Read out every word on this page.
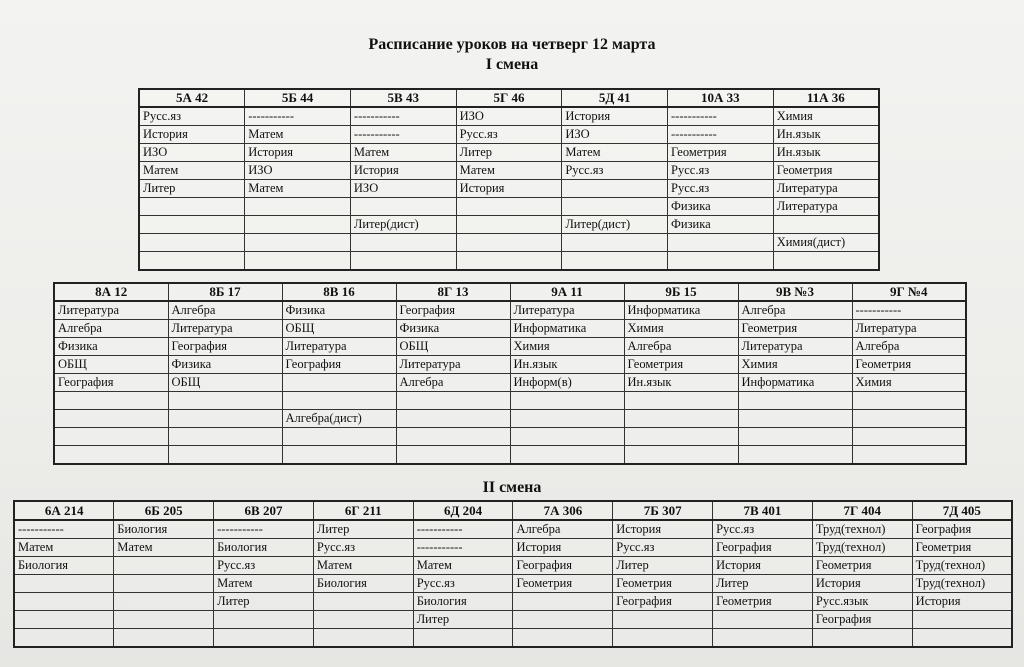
Расписание уроков на четверг 12 марта
I смена
II смена
5А 42	5Б 44	5В 43	5Г 46	5Д 41	10А 33	11А 36
Русс.яз	-----------	-----------	ИЗО	История	-----------	Химия
История	Матем	-----------	Русс.яз	ИЗО	-----------	Ин.язык
ИЗО	История	Матем	Литер	Матем	Геометрия	Ин.язык
Матем	ИЗО	История	Матем	Русс.яз	Русс.яз	Геометрия
Литер	Матем	ИЗО	История		Русс.яз	Литература
					Физика	Литература
		Литер(дист)		Литер(дист)	Физика	
						Химия(дист)

8А 12	8Б 17	8В 16	8Г 13	9А 11	9Б 15	9В №3	9Г №4
Литература	Алгебра	Физика	География	Литература	Информатика	Алгебра	-----------
Алгебра	Литература	ОБЩ	Физика	Информатика	Химия	Геометрия	Литература
Физика	География	Литература	ОБЩ	Химия	Алгебра	Литература	Алгебра
ОБЩ	Физика	География	Литература	Ин.язык	Геометрия	Химия	Геометрия
География	ОБЩ		Алгебра	Информ(в)	Ин.язык	Информатика	Химия

		Алгебра(дист)					

6А 214	6Б 205	6В 207	6Г 211	6Д 204	7А 306	7Б 307	7В 401	7Г 404	7Д 405
-----------	Биология	-----------	Литер	-----------	Алгебра	История	Русс.яз	Труд(технол)	География
Матем	Матем	Биология	Русс.яз	-----------	История	Русс.яз	География	Труд(технол)	Геометрия
Биология		Русс.яз	Матем	Матем	География	Литер	История	Геометрия	Труд(технол)
		Матем	Биология	Русс.яз	Геометрия	Геометрия	Литер	История	Труд(технол)
		Литер		Биология		География	Геометрия	Русс.язык	История
				Литер				География	
